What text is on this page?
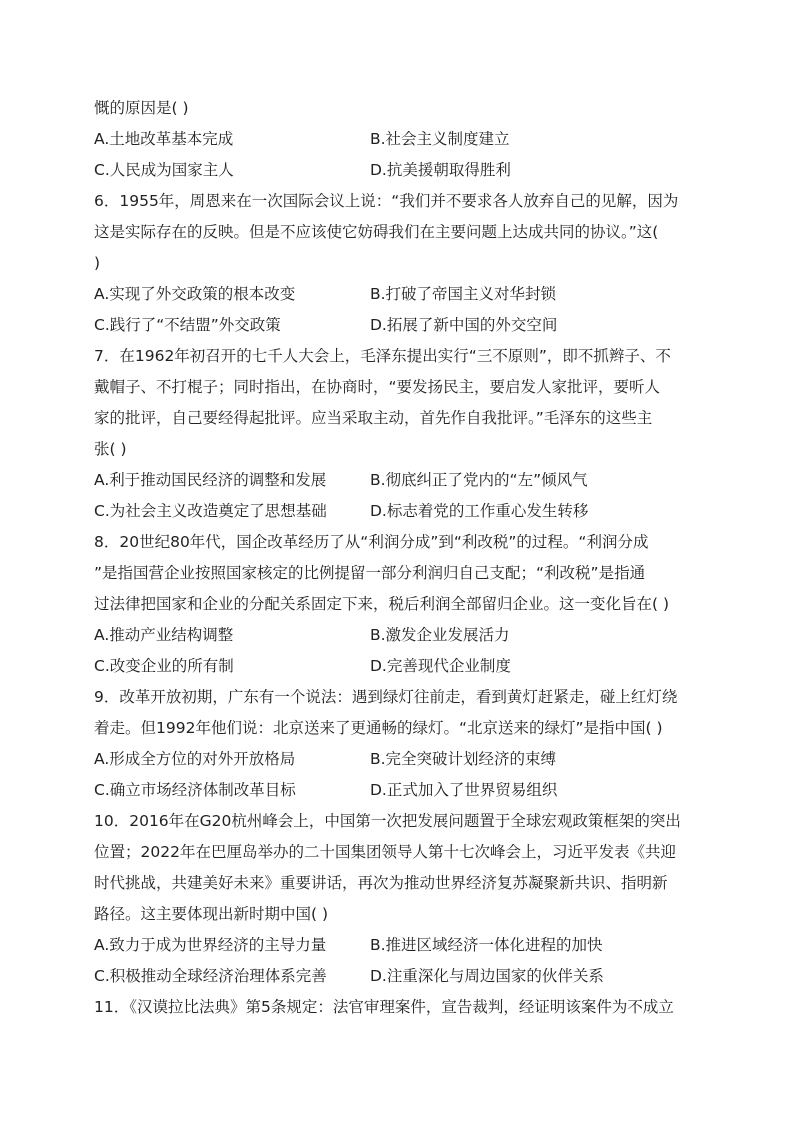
慨的原因是( )
A.土地改革基本完成	B.社会主义制度建立
C.人民成为国家主人	D.抗美援朝取得胜利
6．1955年，周恩来在一次国际会议上说：“我们并不要求各人放弃自己的见解，因为
这是实际存在的反映。但是不应该使它妨碍我们在主要问题上达成共同的协议。”这(
)
A.实现了外交政策的根本改变	B.打破了帝国主义对华封锁
C.践行了“不结盟”外交政策	D.拓展了新中国的外交空间
7．在1962年初召开的七千人大会上，毛泽东提出实行“三不原则”，即不抓辫子、不
戴帽子、不打棍子；同时指出，在协商时，“要发扬民主，要启发人家批评，要听人
家的批评，自己要经得起批评。应当采取主动，首先作自我批评。”毛泽东的这些主
张( )
A.利于推动国民经济的调整和发展	B.彻底纠正了党内的“左”倾风气
C.为社会主义改造奠定了思想基础	D.标志着党的工作重心发生转移
8．20世纪80年代，国企改革经历了从“利润分成”到“利改税”的过程。“利润分成
”是指国营企业按照国家核定的比例提留一部分利润归自己支配；“利改税”是指通
过法律把国家和企业的分配关系固定下来，税后利润全部留归企业。这一变化旨在( )
A.推动产业结构调整	B.激发企业发展活力
C.改变企业的所有制	D.完善现代企业制度
9．改革开放初期，广东有一个说法：遇到绿灯往前走，看到黄灯赶紧走，碰上红灯绕
着走。但1992年他们说：北京送来了更通畅的绿灯。“北京送来的绿灯”是指中国( )
A.形成全方位的对外开放格局	B.完全突破计划经济的束缚
C.确立市场经济体制改革目标	D.正式加入了世界贸易组织
10．2016年在G20杭州峰会上，中国第一次把发展问题置于全球宏观政策框架的突出
位置；2022年在巴厘岛举办的二十国集团领导人第十七次峰会上，习近平发表《共迎
时代挑战，共建美好未来》重要讲话，再次为推动世界经济复苏凝聚新共识、指明新
路径。这主要体现出新时期中国( )
A.致力于成为世界经济的主导力量	B.推进区域经济一体化进程的加快
C.积极推动全球经济治理体系完善	D.注重深化与周边国家的伙伴关系
11．《汉谟拉比法典》第5条规定：法官审理案件，宣告裁判，经证明该案件为不成立
